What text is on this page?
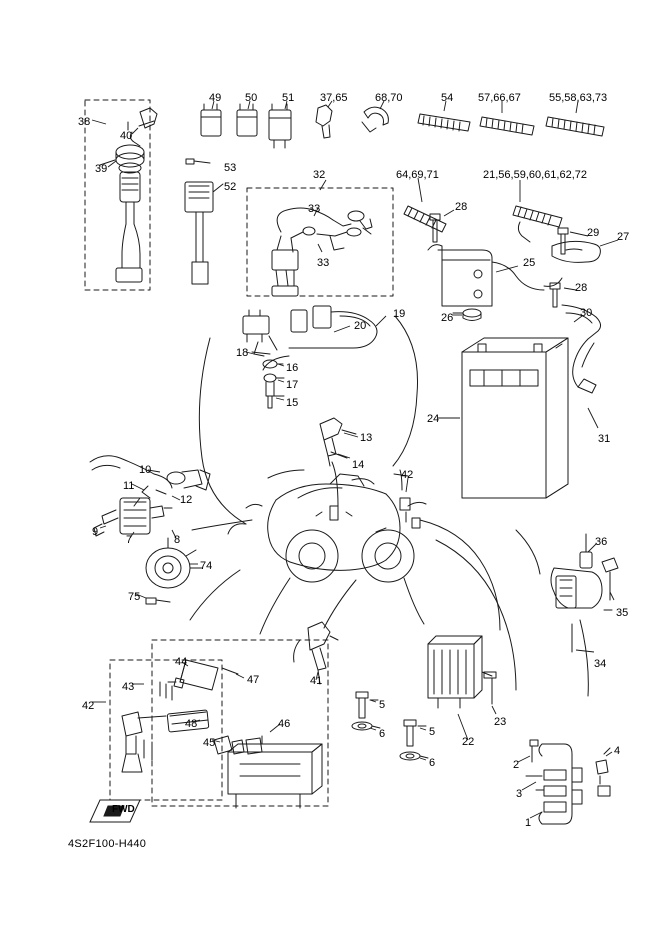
38
40
39
49 50 51 37,65 68,70	54 57,66,67	55,58,63,73
53
52
32
33
33
64,69,71	21,56,59,60,61,62,72
28
29 27
25
26
28
30
19
20
18
16
17
15
24
31
13
14
10
11
12
9
7	8
74
75
42
36
35
34
44
43
47
42
48	46
45
41
22
23
5
6	5
6	2
3
4
1
FWD
4S2F100-H440
